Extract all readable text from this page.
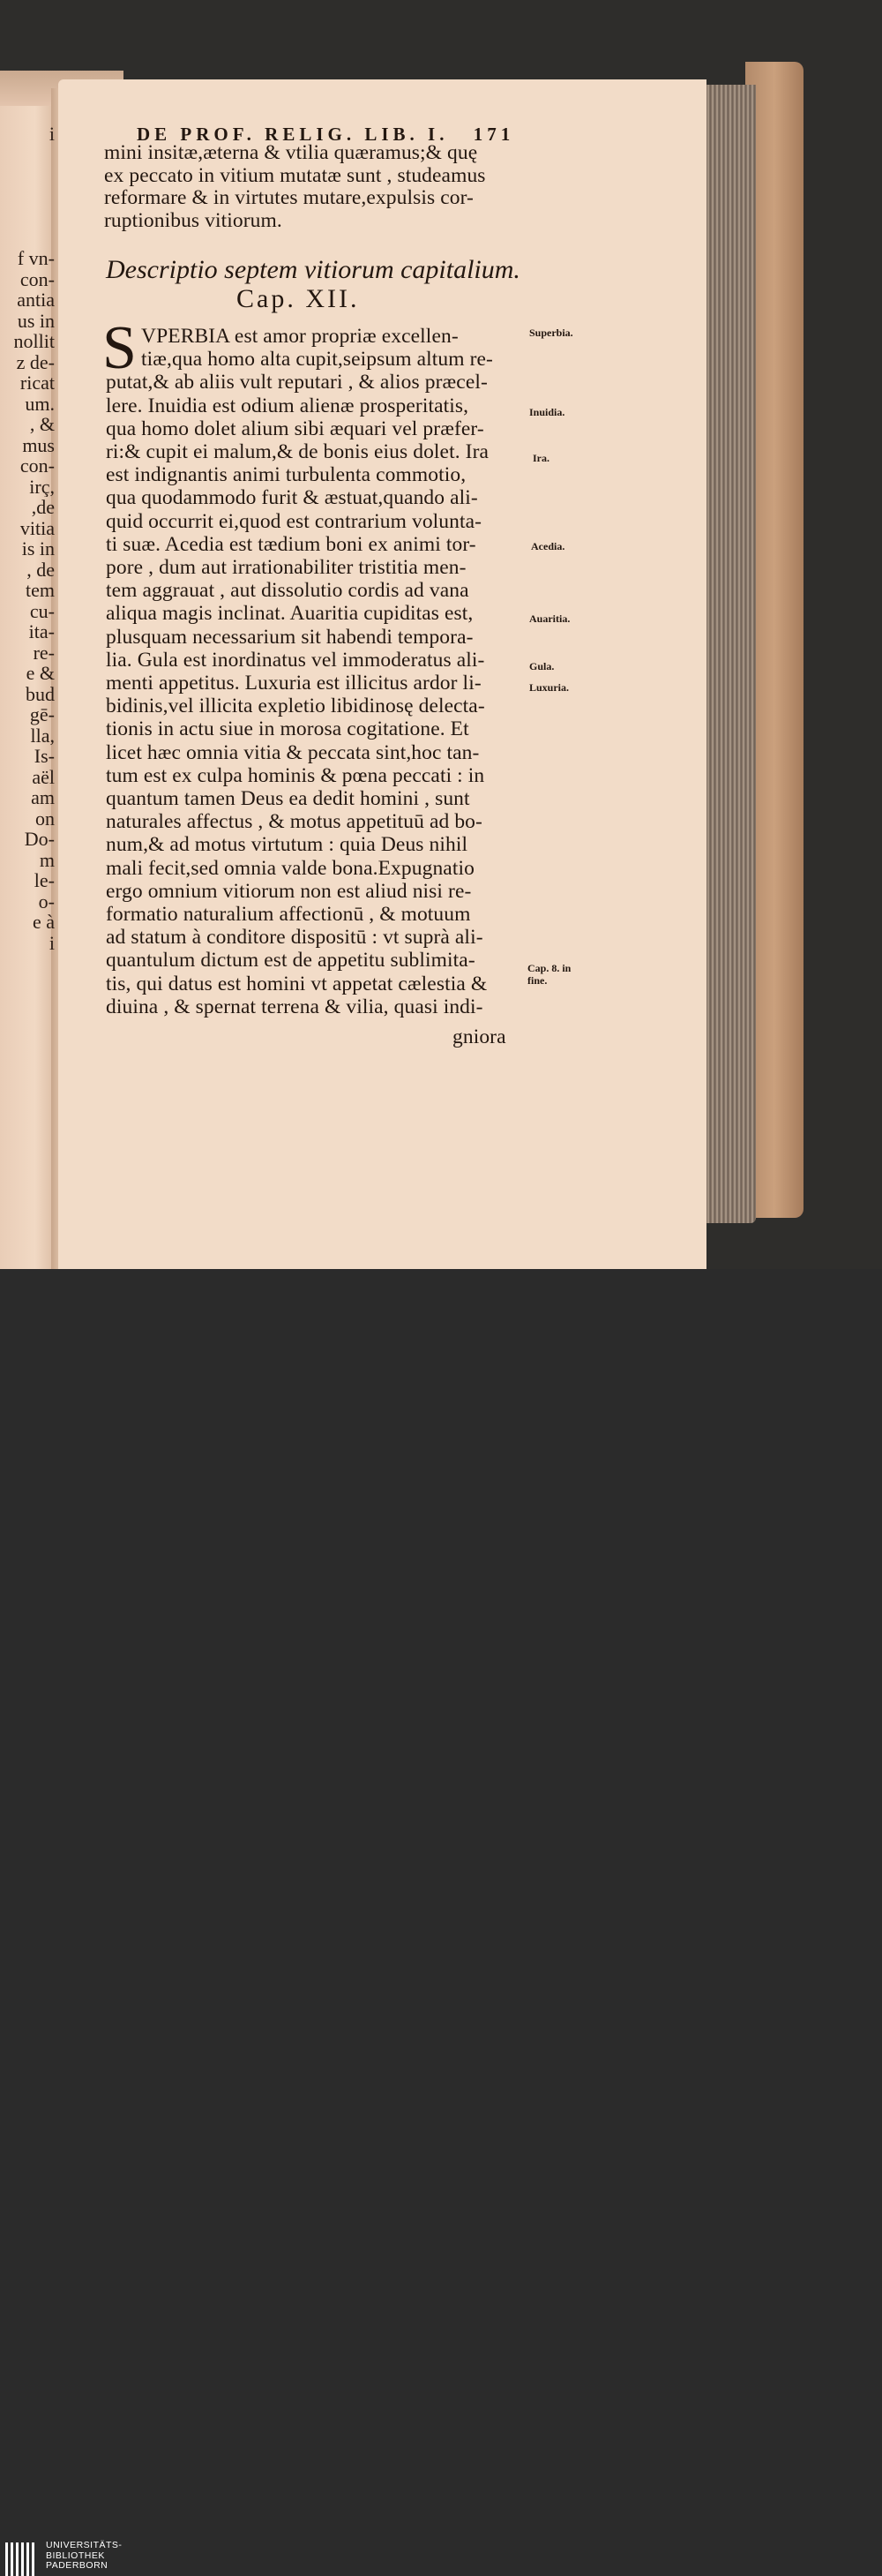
i
f vn-
con-
antia
us in
nollit
z de-
ricat
um.
, &
mus
con-
irç,
,de
vitia
is in
, de
tem
cu-
ita-
re-
e &
bud
gē-
lla,
Is-
aël
am
on
Do-
m
le-
o-
e à
i
DE PROF. RELIG. LIB. I. 171
mini insitæ,æterna & vtilia quæramus;& quę
ex peccato in vitium mutatæ sunt , studeamus
reformare & in virtutes mutare,expulsis cor-
ruptionibus vitiorum.
Descriptio septem vitiorum capitalium.
Cap. XII.
S VPERBIA est amor propriæ excellen-
tiæ,qua homo alta cupit,seipsum altum re-
putat,& ab aliis vult reputari , & alios præcel-
lere. Inuidia est odium alienæ prosperitatis,
qua homo dolet alium sibi æquari vel præfer-
ri:& cupit ei malum,& de bonis eius dolet. Ira
est indignantis animi turbulenta commotio,
qua quodammodo furit & æstuat,quando ali-
quid occurrit ei,quod est contrarium volunta-
ti suæ. Acedia est tædium boni ex animi tor-
pore , dum aut irrationabiliter tristitia men-
tem aggrauat , aut dissolutio cordis ad vana
aliqua magis inclinat. Auaritia cupiditas est,
plusquam necessarium sit habendi tempora-
lia. Gula est inordinatus vel immoderatus ali-
menti appetitus. Luxuria est illicitus ardor li-
bidinis,vel illicita expletio libidinosę delecta-
tionis in actu siue in morosa cogitatione. Et
licet hæc omnia vitia & peccata sint,hoc tan-
tum est ex culpa hominis & pœna peccati : in
quantum tamen Deus ea dedit homini , sunt
naturales affectus , & motus appetituū ad bo-
num,& ad motus virtutum : quia Deus nihil
mali fecit,sed omnia valde bona.Expugnatio
ergo omnium vitiorum non est aliud nisi re-
formatio naturalium affectionū , & motuum
ad statum à conditore dispositū : vt suprà ali-
quantulum dictum est de appetitu sublimita-
tis, qui datus est homini vt appetat cælestia &
diuina , & spernat terrena & vilia, quasi indi-
gniora
Superbia.
Inuidia.
Ira.
Acedia.
Auaritia.
Gula.
Luxuria.
Cap. 8. in
fine.
UNIVERSITÄTS-
BIBLIOTHEK
PADERBORN
